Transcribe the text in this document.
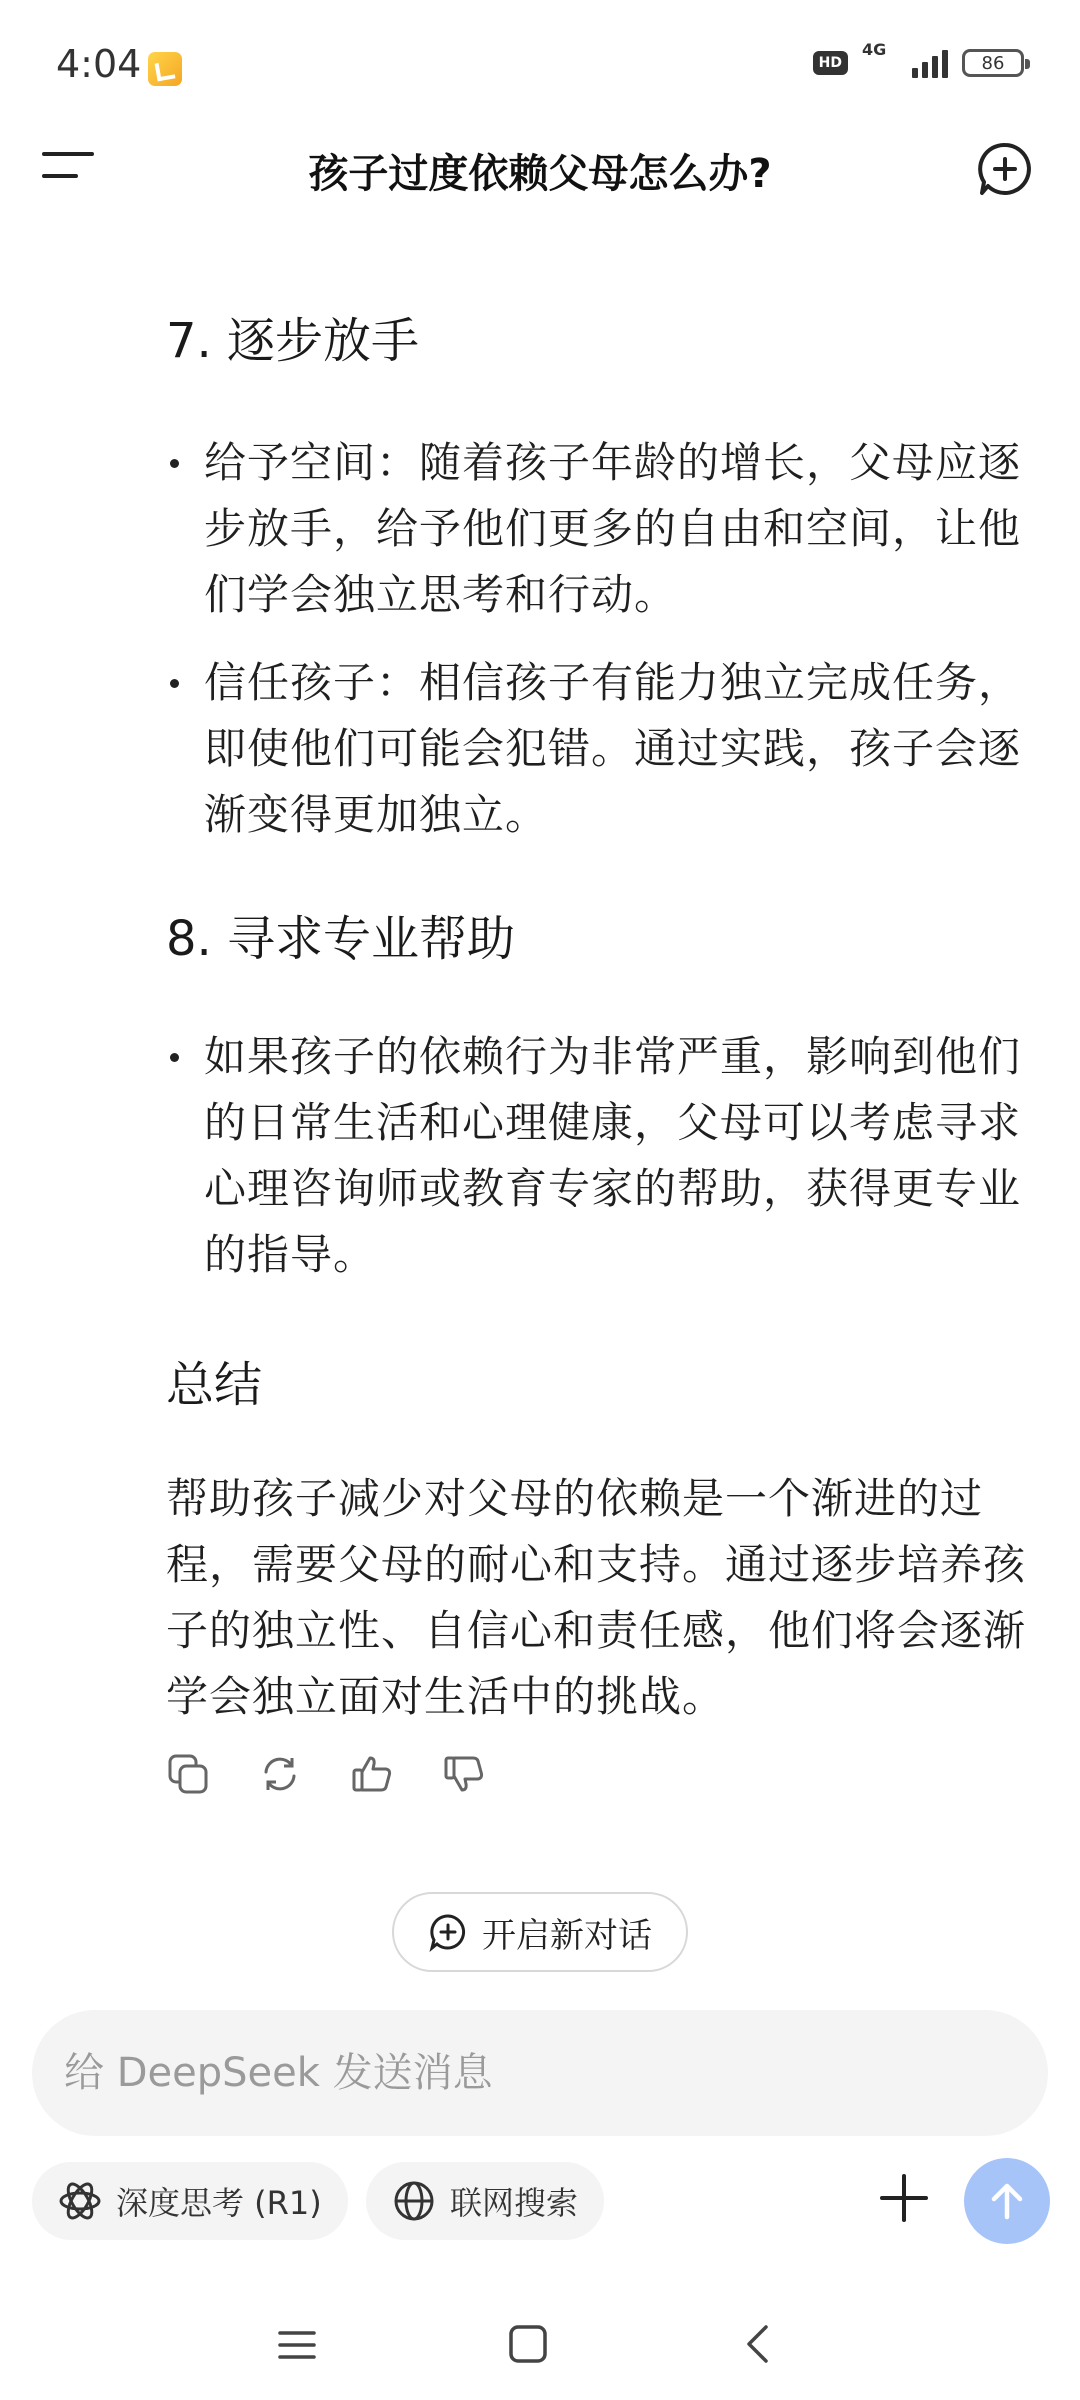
4:04	HD
4G
86
7. 逐步放手
给予空间：随着孩子年龄的增长，父母应逐步放手，给予他们更多的自由和空间，让他们学会独立思考和行动。
信任孩子：相信孩子有能力独立完成任务，即使他们可能会犯错。通过实践，孩子会逐渐变得更加独立。
8. 寻求专业帮助
如果孩子的依赖行为非常严重，影响到他们的日常生活和心理健康，父母可以考虑寻求心理咨询师或教育专家的帮助，获得更专业的指导。
总结
帮助孩子减少对父母的依赖是一个渐进的过程，需要父母的耐心和支持。通过逐步培养孩子的独立性、自信心和责任感，他们将会逐渐学会独立面对生活中的挑战。
孩子过度依赖父母怎么办?
开启新对话
给 DeepSeek 发送消息
深度思考 (R1)	联网搜索
